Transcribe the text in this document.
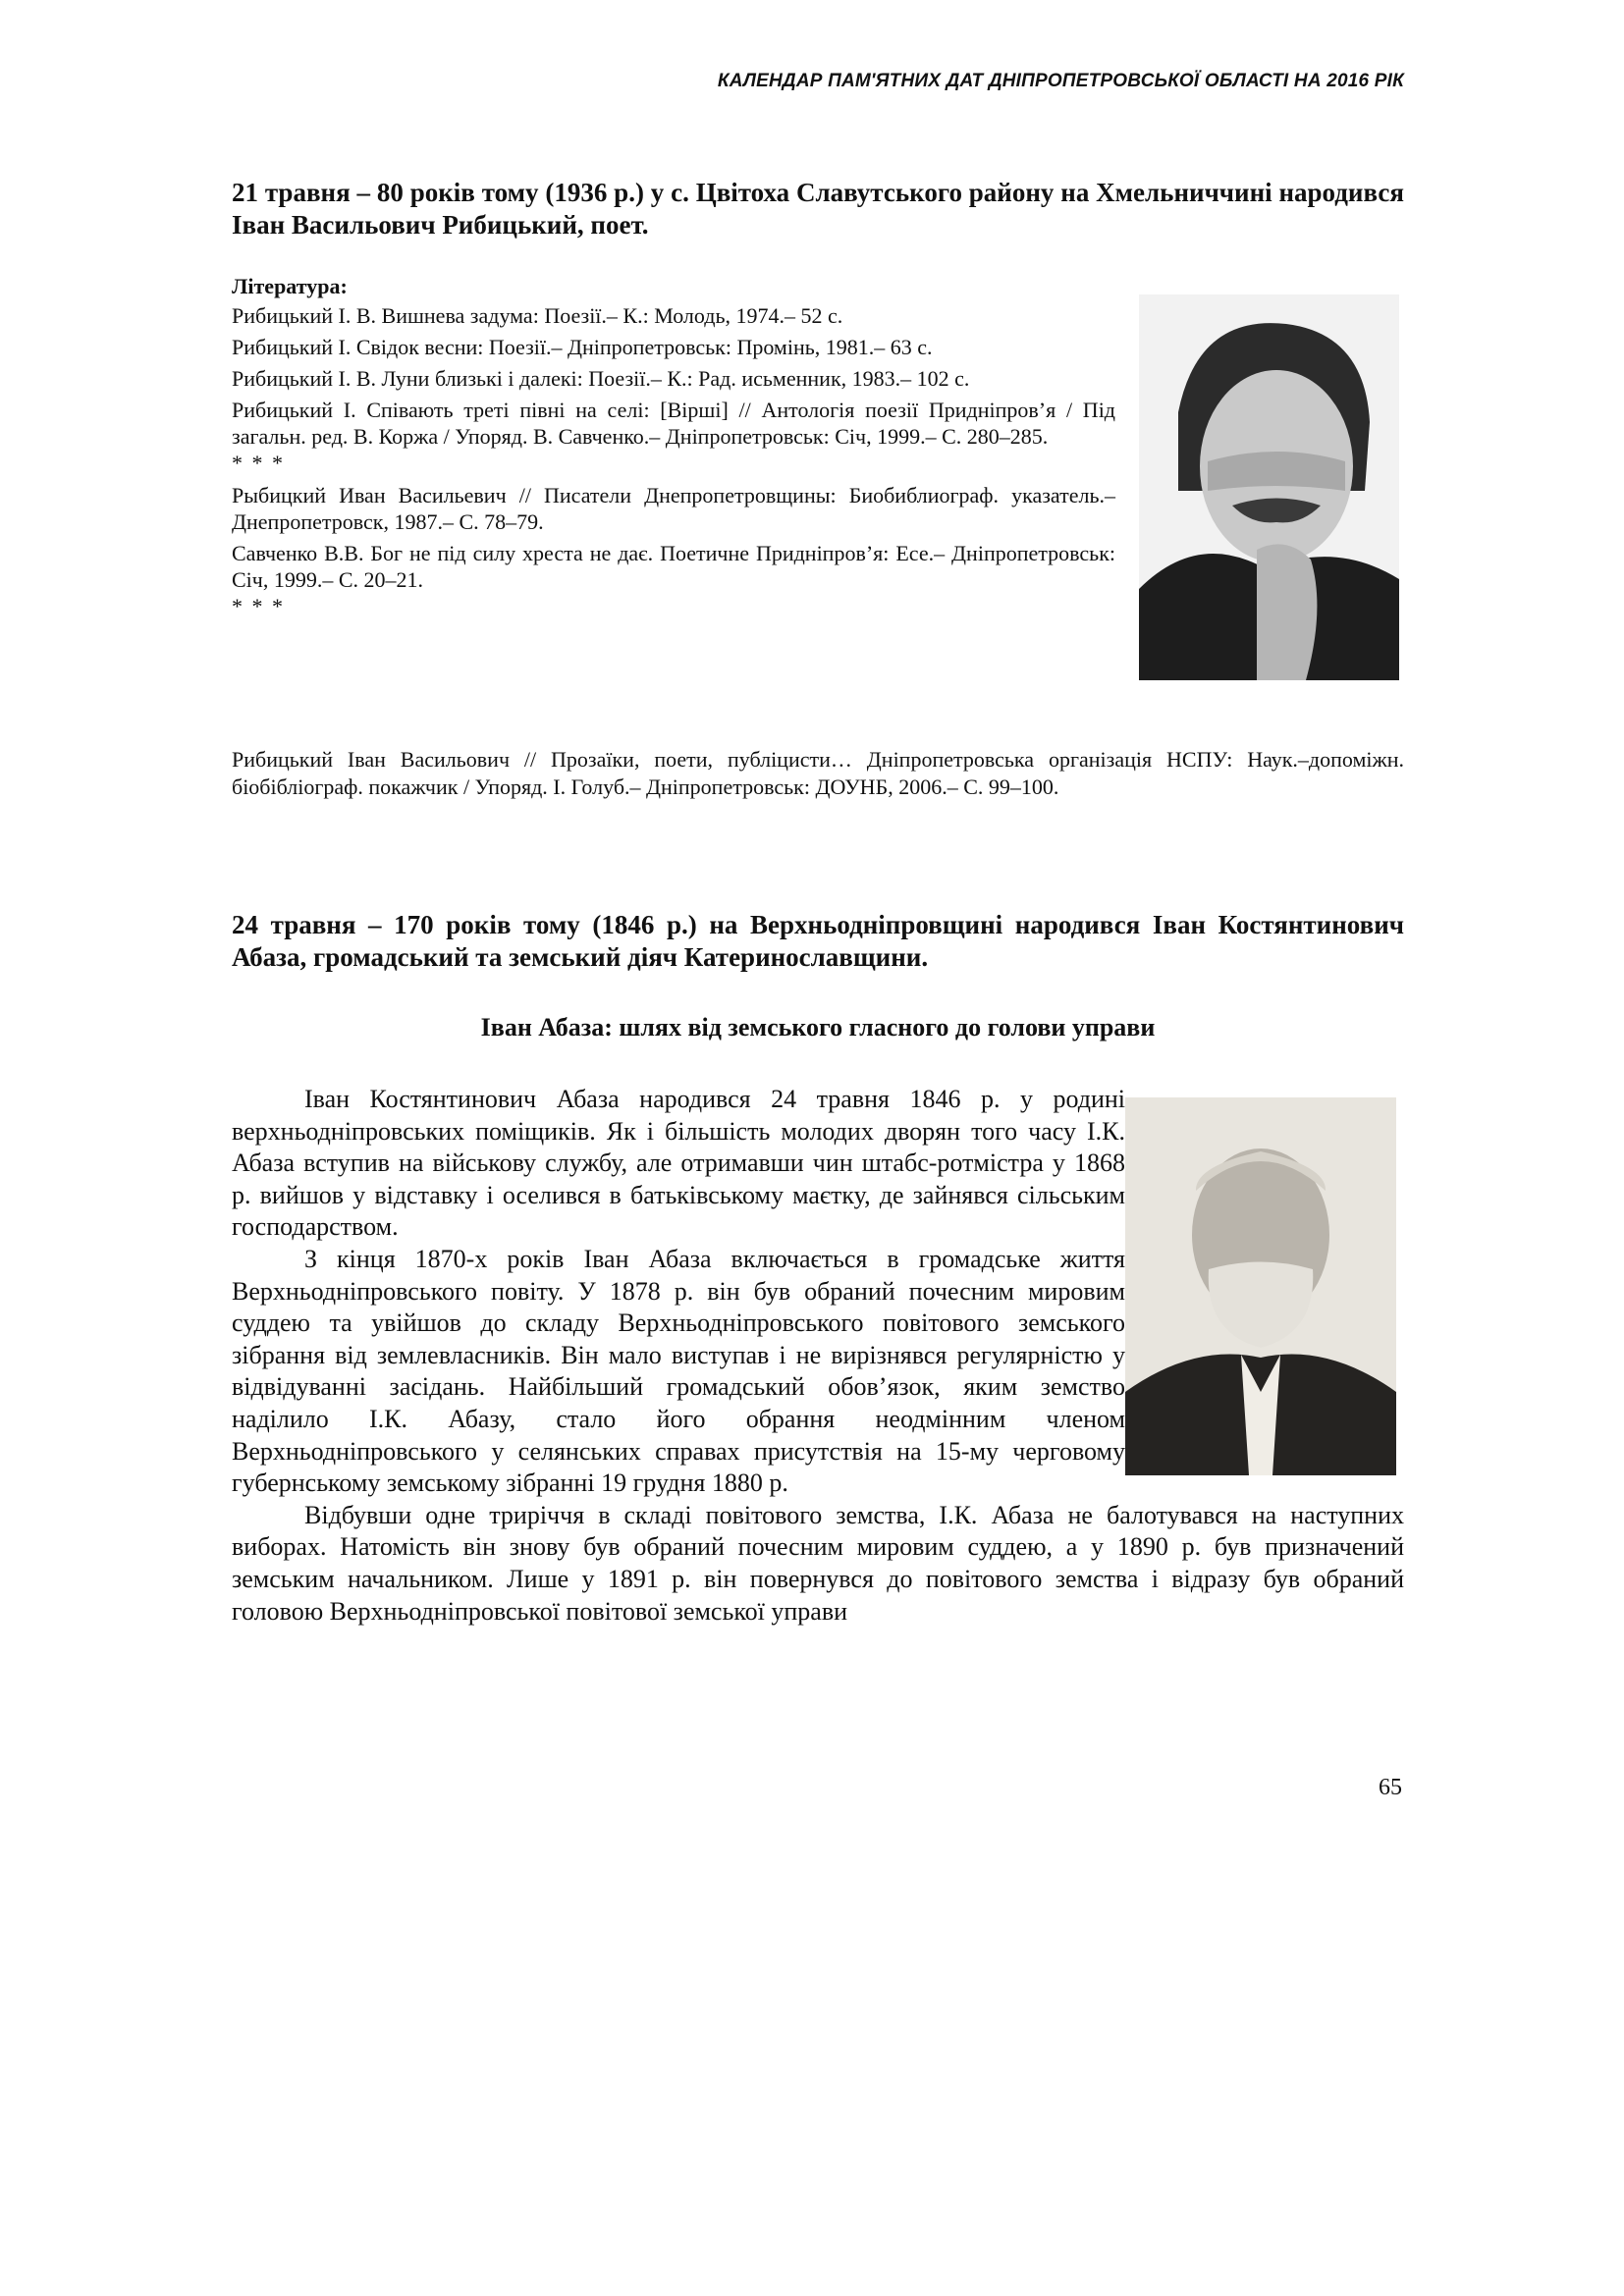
КАЛЕНДАР ПАМ'ЯТНИХ ДАТ ДНІПРОПЕТРОВСЬКОЇ ОБЛАСТІ НА 2016 РІК

21 травня – 80 років тому (1936 р.) у с. Цвітоха Славутського району на Хмельниччині народився Іван Васильович Рибицький, поет.

Література:

Рибицький І. В. Вишнева задума: Поезії.– К.: Молодь, 1974.– 52 с.

Рибицький І. Свідок весни: Поезії.– Дніпропетровськ: Промінь, 1981.– 63 с.

Рибицький І. В. Луни близькі і далекі: Поезії.– К.: Рад. исьменник, 1983.– 102 с.

Рибицький І. Співають треті півні на селі: [Вірші] // Антологія поезії Придніпров’я / Під загальн. ред. В. Коржа / Упоряд. В. Савченко.– Дніпропетровськ: Січ, 1999.– С. 280–285.

* * *

Рыбицкий Иван Васильевич // Писатели Днепропетровщины: Биобиблиограф. указатель.– Днепропетровск, 1987.– С. 78–79.

Савченко В.В. Бог не під силу хреста не дає. Поетичне Придніпров’я: Есе.– Дніпропетровськ: Січ, 1999.– С. 20–21.

* * *

Рибицький Іван Васильович // Прозаїки, поети, публіцисти… Дніпропетровська організація НСПУ: Наук.–допоміжн. біобібліограф. покажчик / Упоряд. І. Голуб.– Дніпропетровськ: ДОУНБ, 2006.– С. 99–100.

24 травня – 170 років тому (1846 р.) на Верхньодніпровщині народився Іван Костянтинович Абаза, громадський та земський діяч Катеринославщини.

Іван Абаза: шлях від земського гласного до голови управи

Іван Костянтинович Абаза народився 24 травня 1846 р. у родині верхньодніпровських поміщиків. Як і більшість молодих дворян того часу І.К. Абаза вступив на військову службу, але отримавши чин штабс-ротмістра у 1868 р. вийшов у відставку і оселився в батьківському маєтку, де зайнявся сільським господарством.

З кінця 1870-х років Іван Абаза включається в громадське життя Верхньодніпровського повіту. У 1878 р. він був обраний почесним мировим суддею та увійшов до складу Верхньодніпровського повітового земського зібрання від землевласників. Він мало виступав і не вирізнявся регулярністю у відвідуванні засідань. Найбільший громадський обов’язок, яким земство наділило І.К. Абазу, стало його обрання неодмінним членом Верхньодніпровського у селянських справах присутствія на 15-му черговому губернському земському зібранні 19 грудня 1880 р.

Відбувши одне триріччя в складі повітового земства, І.К. Абаза не балотувався на наступних виборах. Натомість він знову був обраний почесним мировим суддею, а у 1890 р. був призначений земським начальником. Лише у 1891 р. він повернувся до повітового земства і відразу був обраний головою Верхньодніпровської повітової земської управи

65
